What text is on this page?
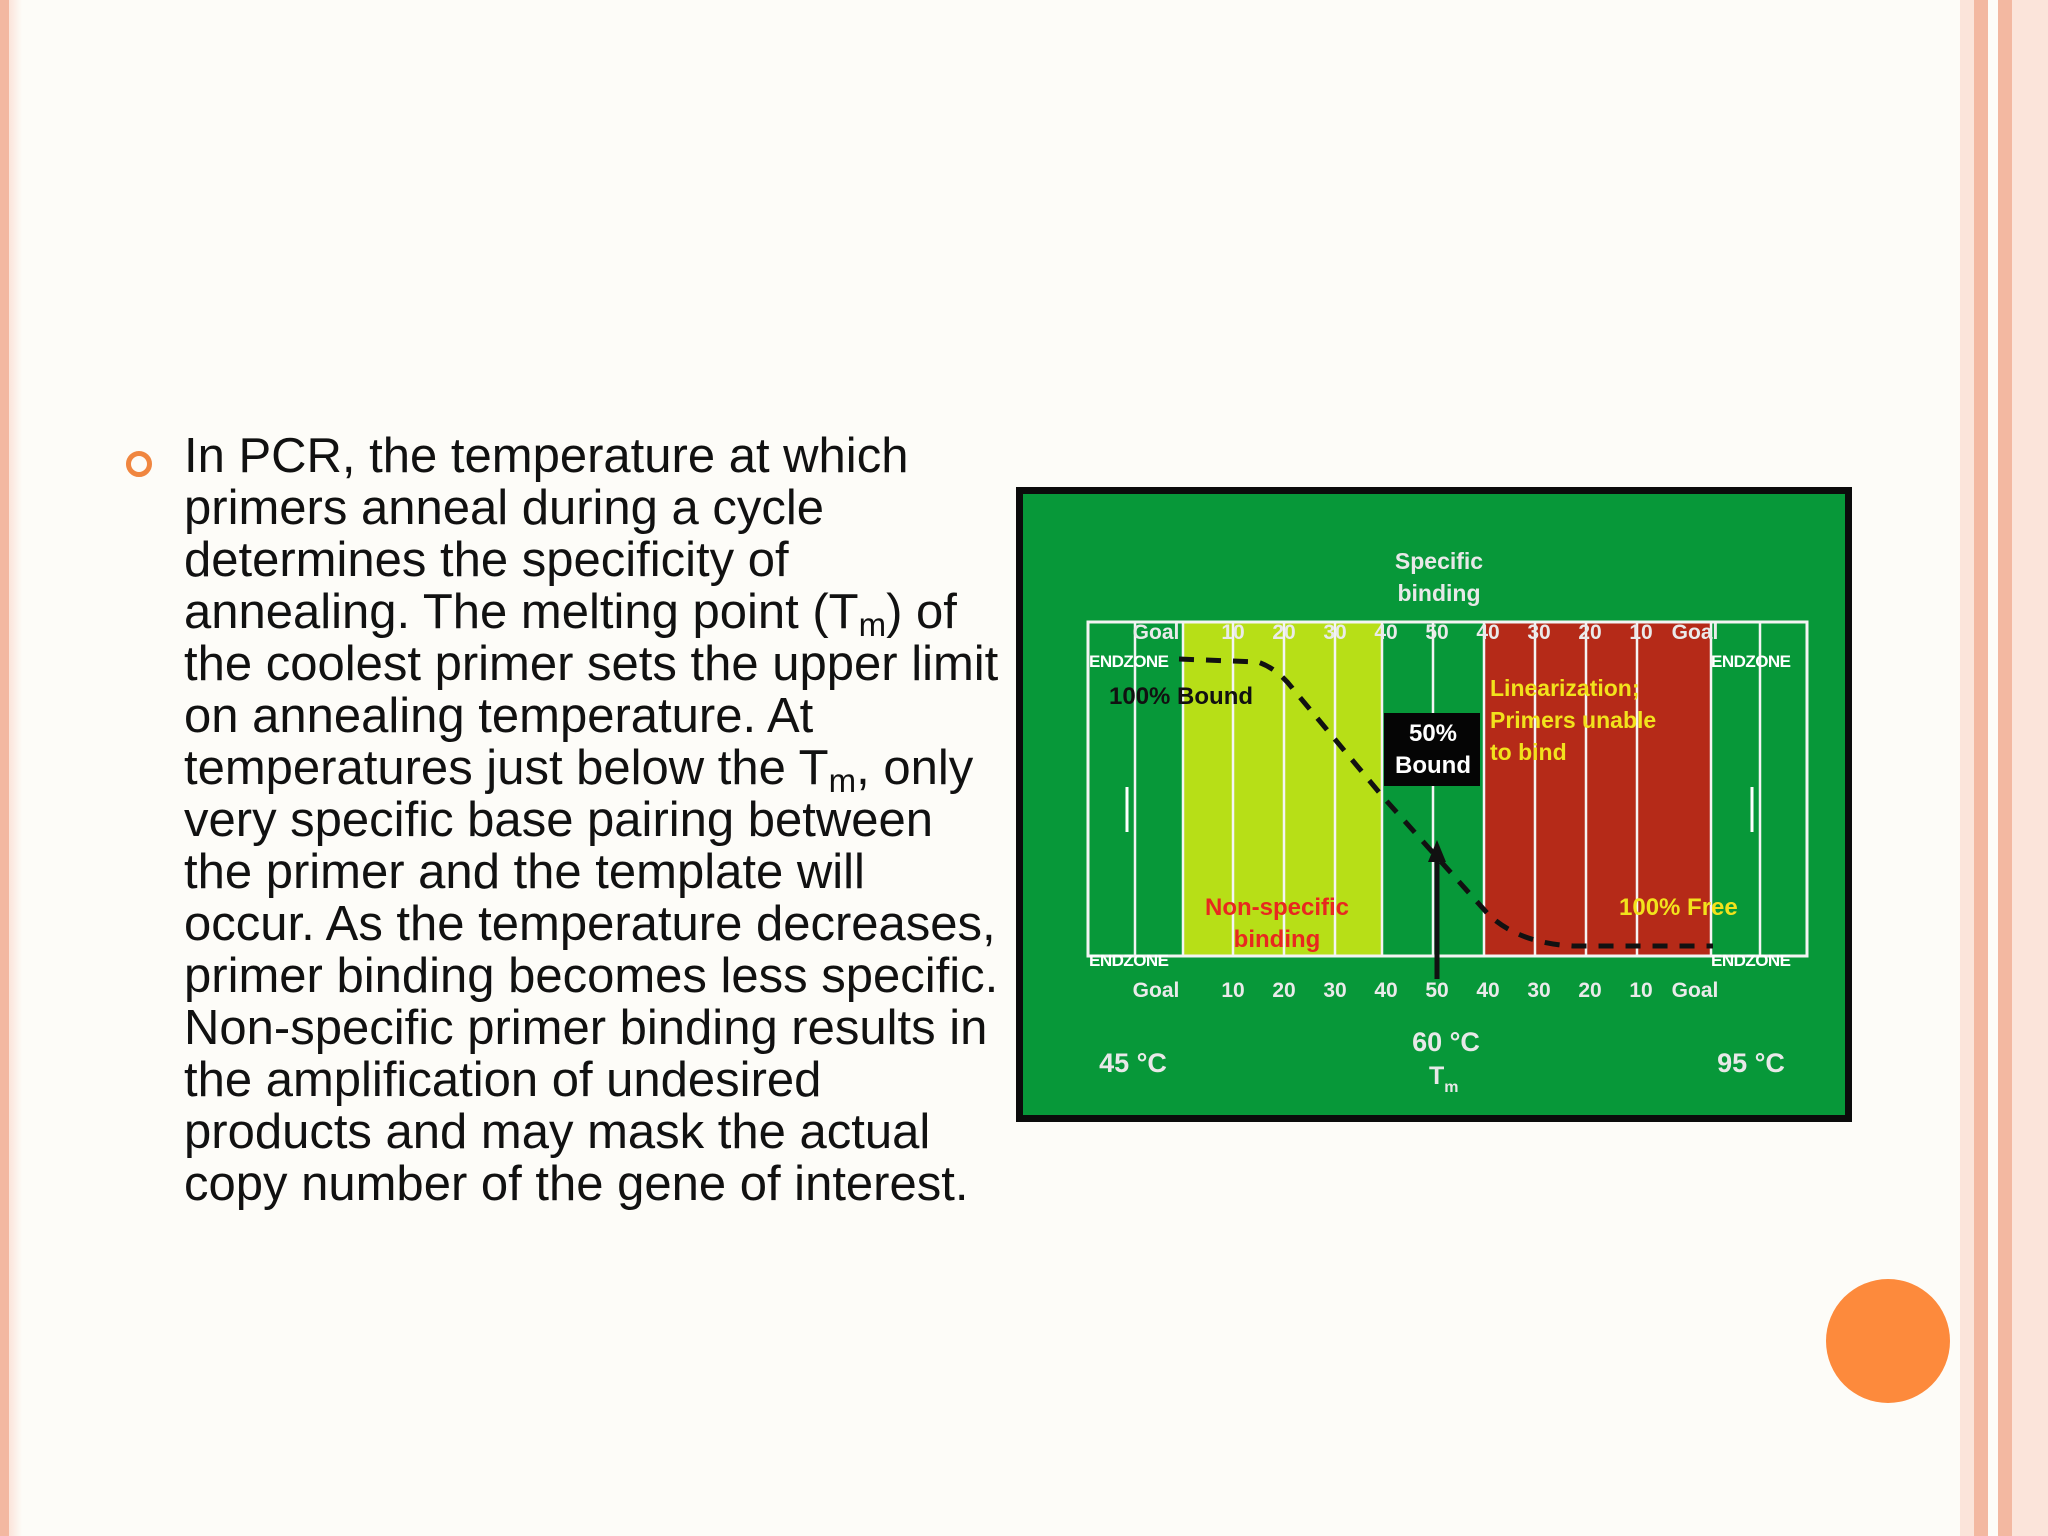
In PCR, the temperature at which primers anneal during a cycle determines the specificity of annealing. The melting point $(T_m)$ of the coolest primer sets the upper limit on annealing temperature. At temperatures just below the $T_m$, only very specific base pairing between the primer and the template will occur. As the temperature decreases, primer binding becomes less specific. Non-specific primer binding results in the amplification of undesired products and may mask the actual copy number of the gene of interest.

ENDZONE
ENDZONE
ENDZONE
ENDZONE
Goal 10 20 30 40 50 40 30 20 10 Goal
Goal 10 20 30 40 50 40 30 20 10 Goal
Specific
binding
50%
Bound
100% Bound	Linearization;
Primers unable
to bind
Non-specific
binding
100% Free
45 °C
60 °C
$T_m$
95 °C
